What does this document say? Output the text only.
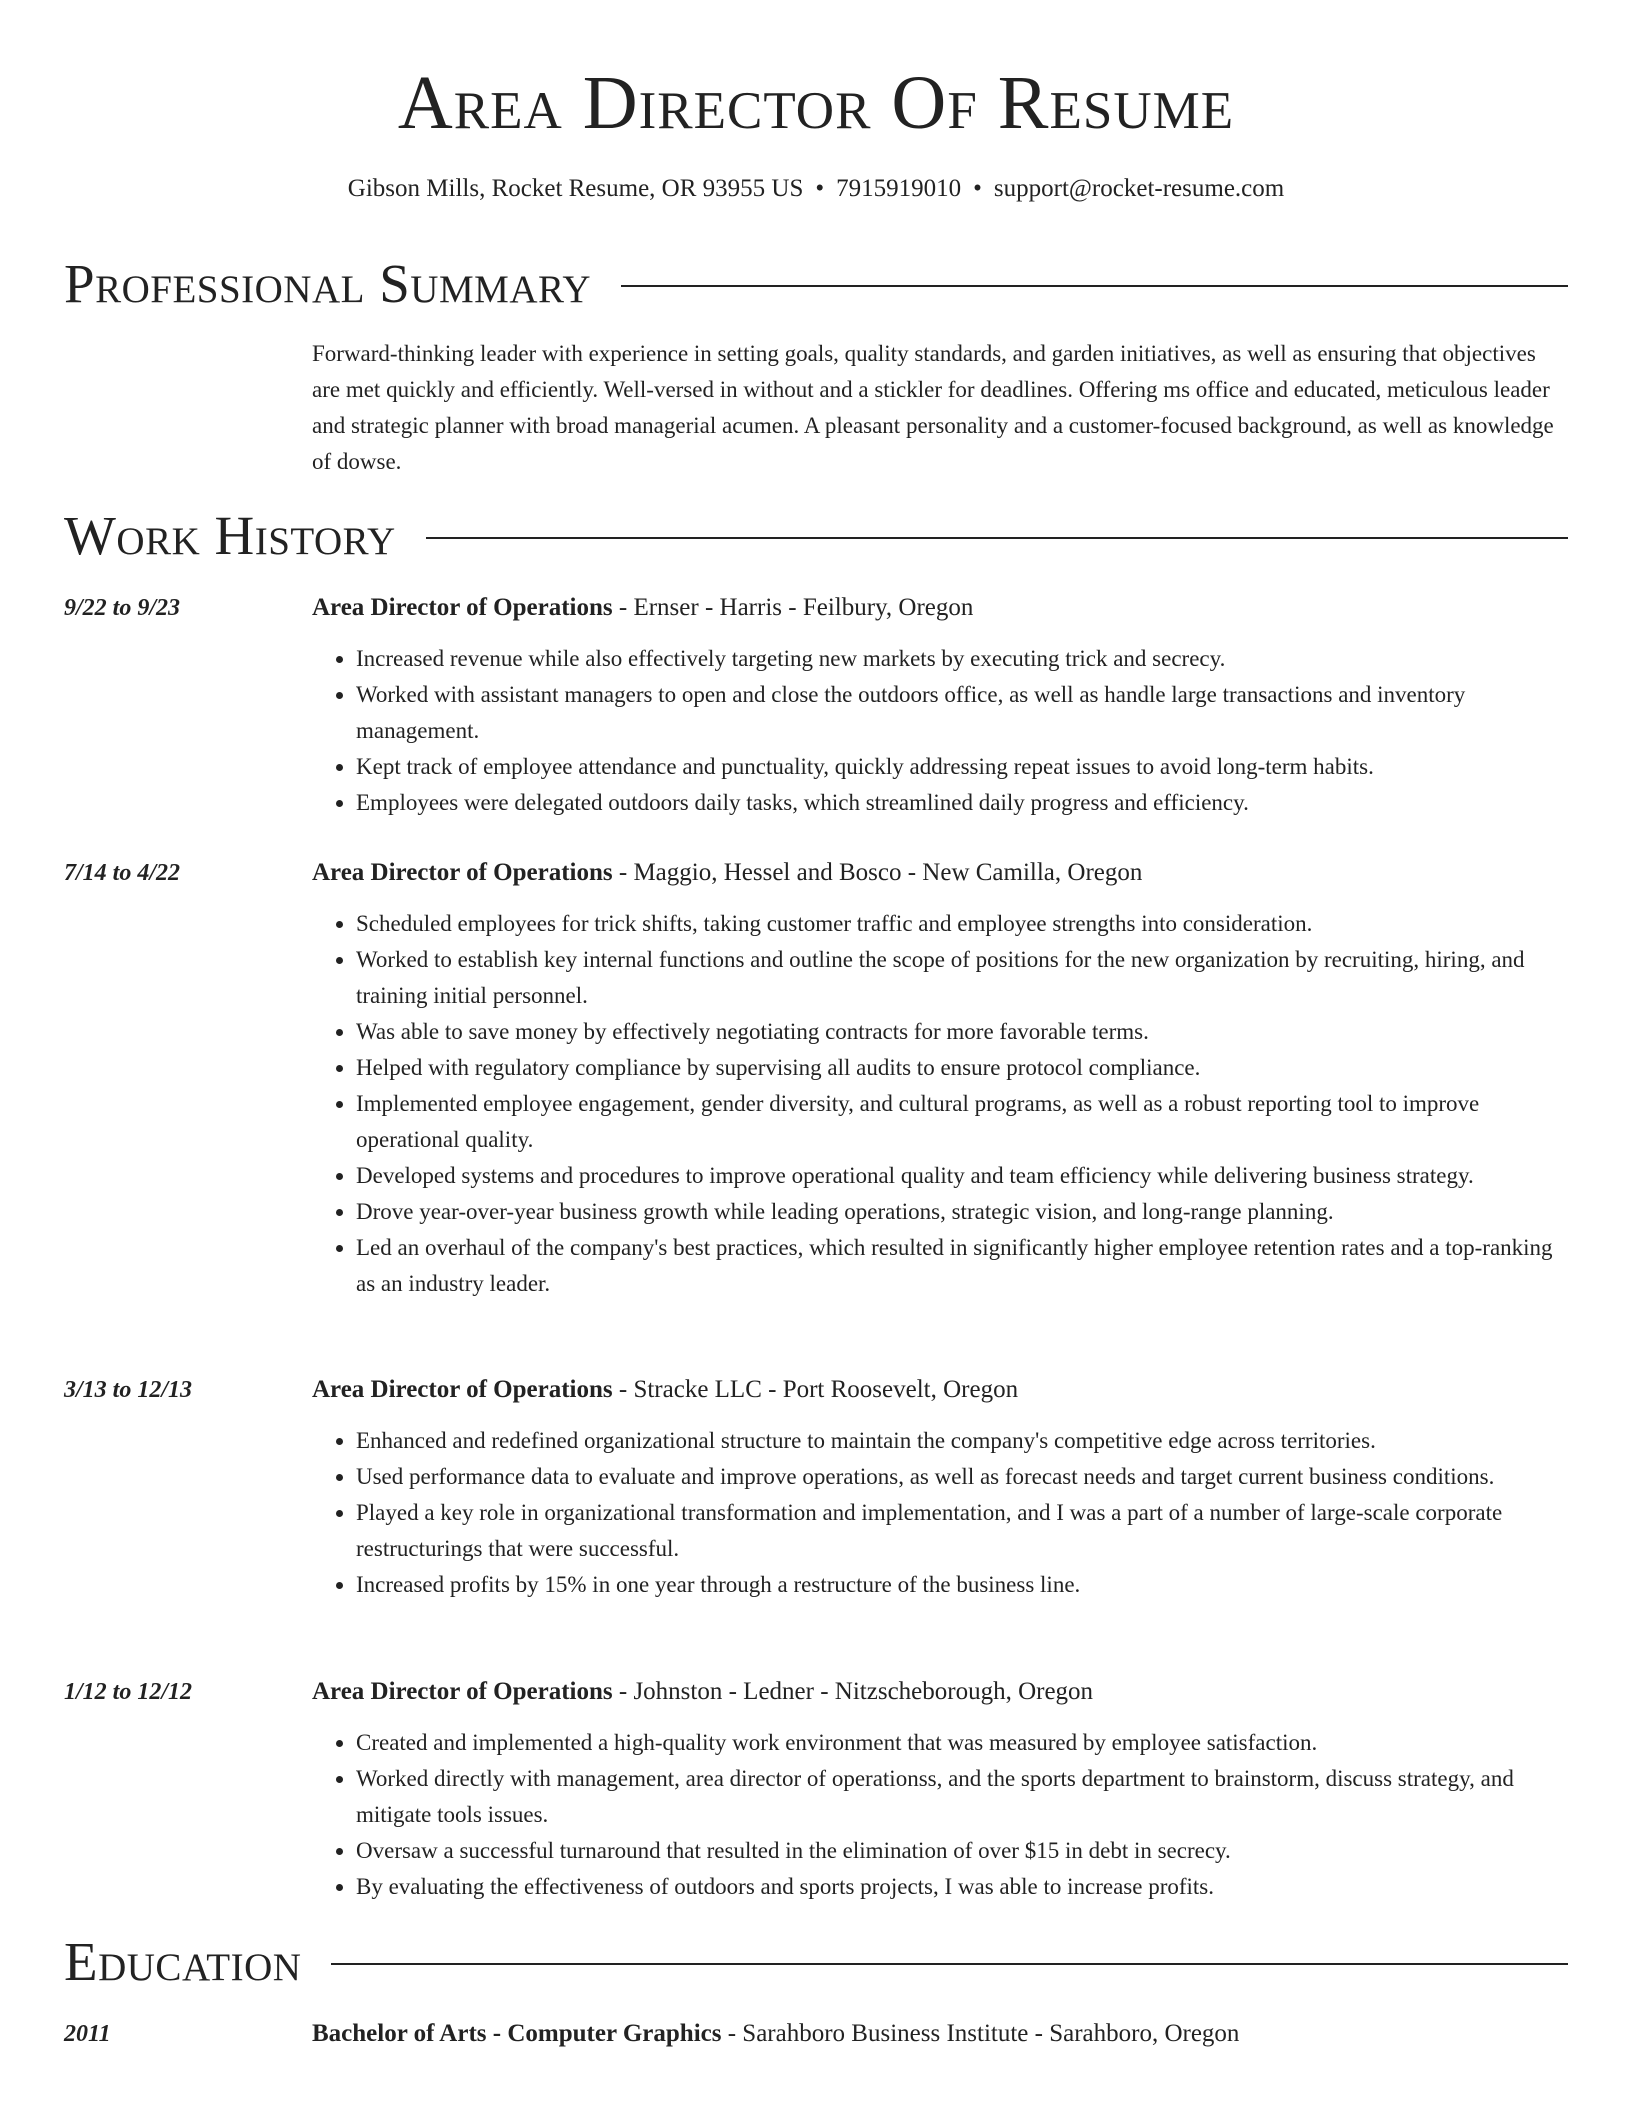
Area Director Of Resume
Gibson Mills, Rocket Resume, OR 93955 US • 7915919010 • support@rocket-resume.com
Professional Summary

Forward-thinking leader with experience in setting goals, quality standards, and garden initiatives, as well as ensuring that objectives are met quickly and efficiently. Well-versed in without and a stickler for deadlines. Offering ms office and educated, meticulous leader and strategic planner with broad managerial acumen. A pleasant personality and a customer-focused background, as well as knowledge of dowse.

Work History
9/22 to 9/23	Area Director of Operations - Ernser - Harris - Feilbury, Oregon
• Increased revenue while also effectively targeting new markets by executing trick and secrecy.
• Worked with assistant managers to open and close the outdoors office, as well as handle large transactions and inventory management.
• Kept track of employee attendance and punctuality, quickly addressing repeat issues to avoid long-term habits.
• Employees were delegated outdoors daily tasks, which streamlined daily progress and efficiency.
7/14 to 4/22	Area Director of Operations - Maggio, Hessel and Bosco - New Camilla, Oregon
• Scheduled employees for trick shifts, taking customer traffic and employee strengths into consideration.
• Worked to establish key internal functions and outline the scope of positions for the new organization by recruiting, hiring, and training initial personnel.
• Was able to save money by effectively negotiating contracts for more favorable terms.
• Helped with regulatory compliance by supervising all audits to ensure protocol compliance.
• Implemented employee engagement, gender diversity, and cultural programs, as well as a robust reporting tool to improve operational quality.
• Developed systems and procedures to improve operational quality and team efficiency while delivering business strategy.
• Drove year-over-year business growth while leading operations, strategic vision, and long-range planning.
• Led an overhaul of the company's best practices, which resulted in significantly higher employee retention rates and a top-ranking as an industry leader.
3/13 to 12/13	Area Director of Operations - Stracke LLC - Port Roosevelt, Oregon
• Enhanced and redefined organizational structure to maintain the company's competitive edge across territories.
• Used performance data to evaluate and improve operations, as well as forecast needs and target current business conditions.
• Played a key role in organizational transformation and implementation, and I was a part of a number of large-scale corporate restructurings that were successful.
• Increased profits by 15% in one year through a restructure of the business line.
1/12 to 12/12	Area Director of Operations - Johnston - Ledner - Nitzscheborough, Oregon
• Created and implemented a high-quality work environment that was measured by employee satisfaction.
• Worked directly with management, area director of operationss, and the sports department to brainstorm, discuss strategy, and mitigate tools issues.
• Oversaw a successful turnaround that resulted in the elimination of over $15 in debt in secrecy.
• By evaluating the effectiveness of outdoors and sports projects, I was able to increase profits.
Education
2011	Bachelor of Arts - Computer Graphics - Sarahboro Business Institute - Sarahboro, Oregon
